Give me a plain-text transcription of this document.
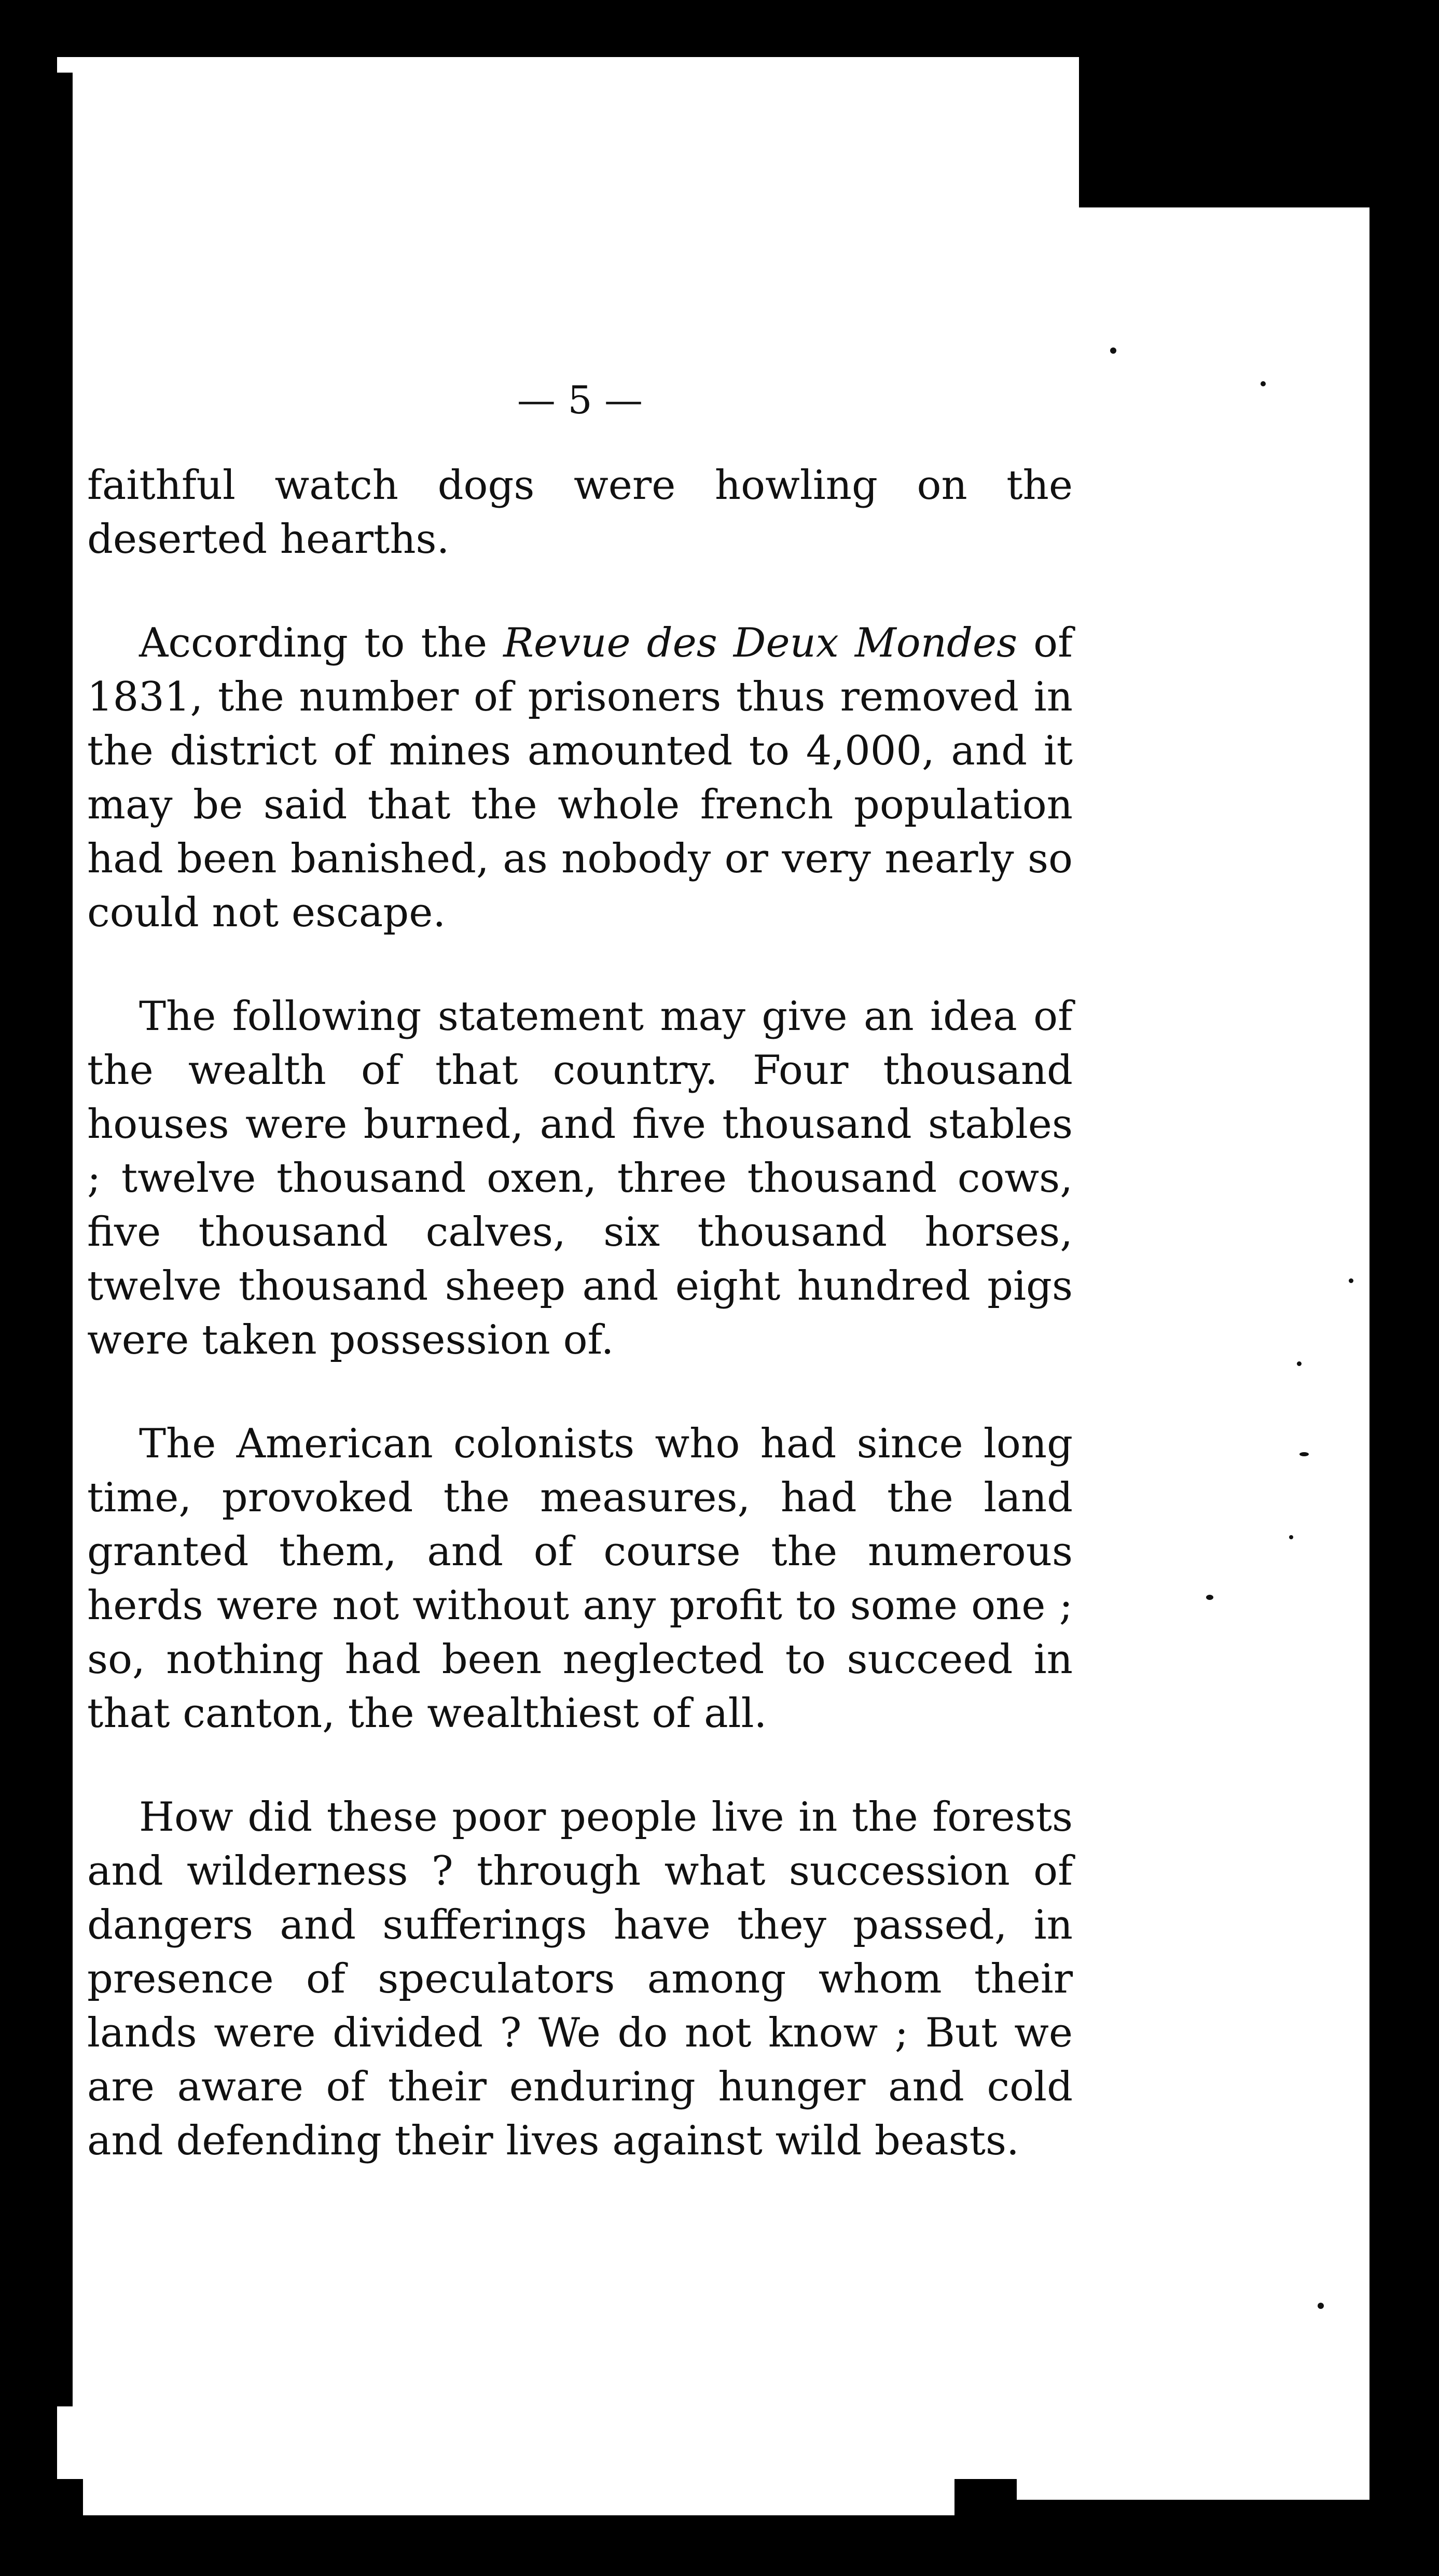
— 5 —

faithful watch dogs were howling on the deserted hearths.

According to the Revue des Deux Mondes of 1831, the number of prisoners thus removed in the district of mines amounted to 4,000, and it may be said that the whole french population had been banished, as nobody or very nearly so could not escape.

The following statement may give an idea of the wealth of that country. Four thousand houses were burned, and five thousand stables ; twelve thousand oxen, three thousand cows, five thousand calves, six thousand horses, twelve thousand sheep and eight hundred pigs were taken possession of.

The American colonists who had since long time, provoked the measures, had the land granted them, and of course the numerous herds were not without any profit to some one ; so, nothing had been neglected to succeed in that canton, the wealthiest of all.

How did these poor people live in the forests and wilderness ? through what succession of dangers and sufferings have they passed, in presence of speculators among whom their lands were divided ? We do not know ; But we are aware of their enduring hunger and cold and defending their lives against wild beasts.
